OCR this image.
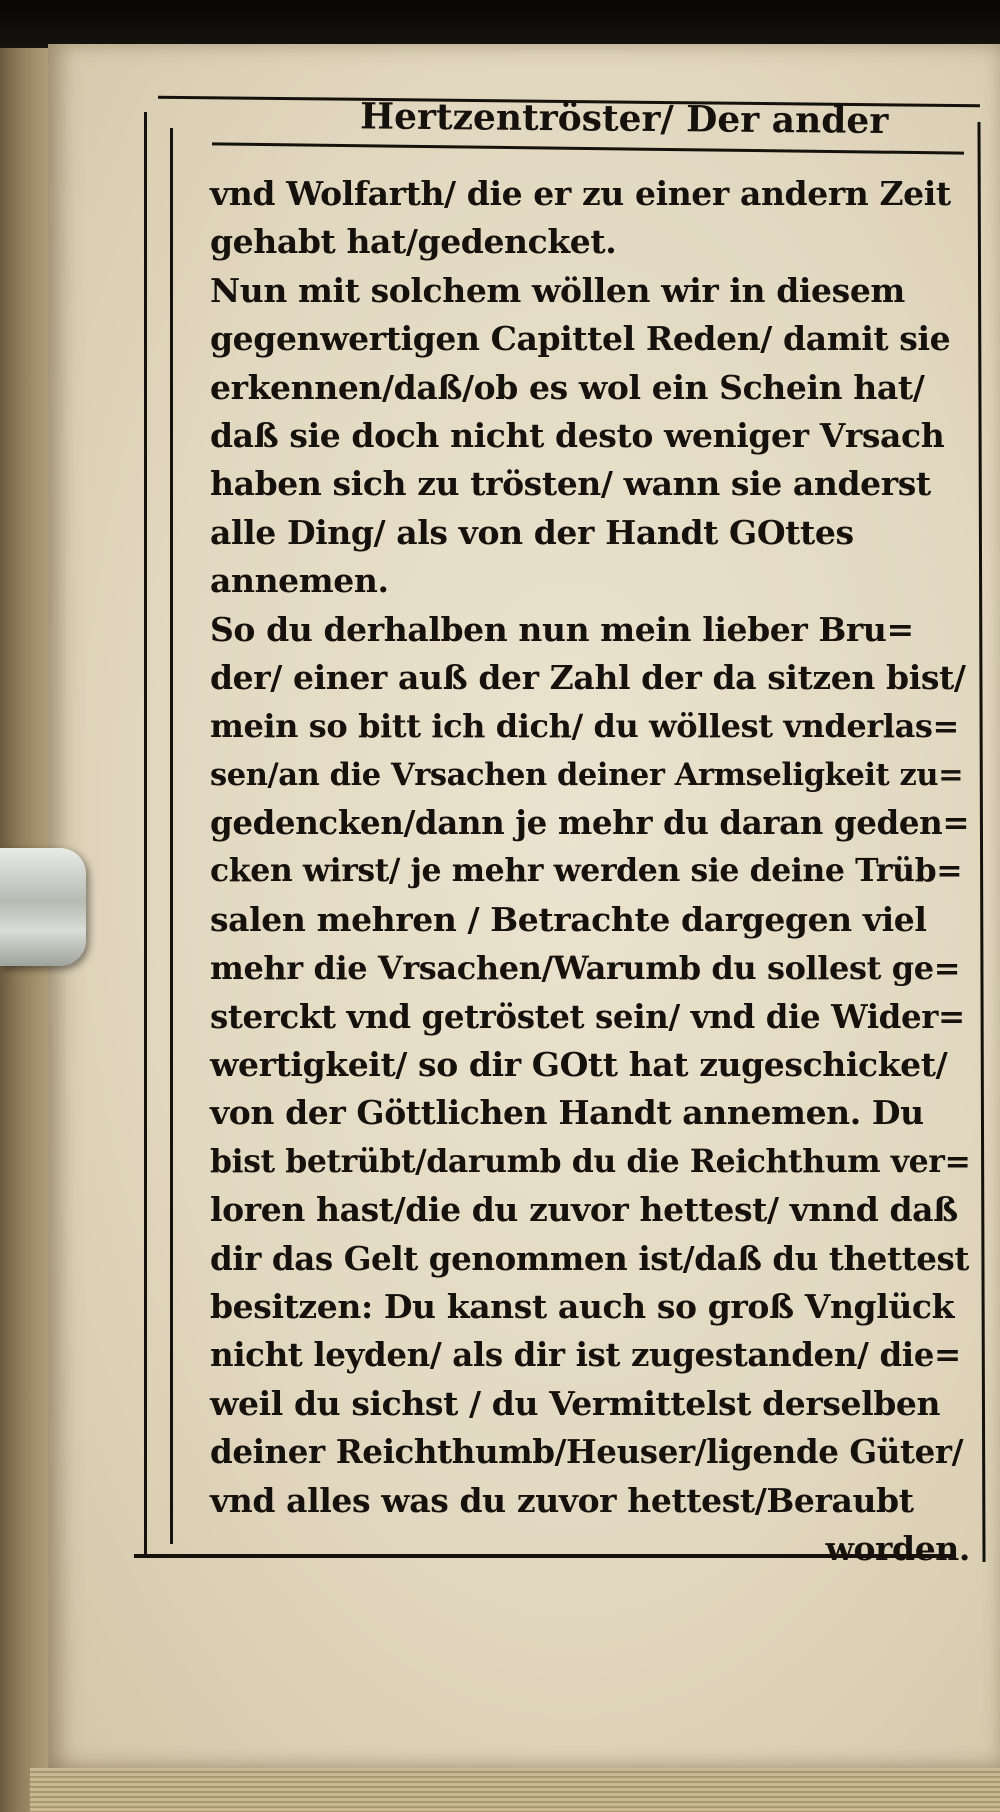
Hertzentröster/ Der ander
vnd Wolfarth/ die er zu einer andern Zeit
gehabt hat/gedencket.
Nun mit solchem wöllen wir in diesem
gegenwertigen Capittel Reden/ damit sie
erkennen/daß/ob es wol ein Schein hat/
daß sie doch nicht desto weniger Vrsach
haben sich zu trösten/ wann sie anderst
alle Ding/ als von der Handt GOttes
annemen.
So du derhalben nun mein lieber Bru=
der/ einer auß der Zahl der da sitzen bist/
mein so bitt ich dich/ du wöllest vnderlas=
sen/an die Vrsachen deiner Armseligkeit zu=
gedencken/dann je mehr du daran geden=
cken wirst/ je mehr werden sie deine Trüb=
salen mehren / Betrachte dargegen viel
mehr die Vrsachen/Warumb du sollest ge=
sterckt vnd getröstet sein/ vnd die Wider=
wertigkeit/ so dir GOtt hat zugeschicket/
von der Göttlichen Handt annemen. Du
bist betrübt/darumb du die Reichthum ver=
loren hast/die du zuvor hettest/ vnnd daß
dir das Gelt genommen ist/daß du thettest
besitzen: Du kanst auch so groß Vnglück
nicht leyden/ als dir ist zugestanden/ die=
weil du sichst / du Vermittelst derselben
deiner Reichthumb/Heuser/ligende Güter/
vnd alles was du zuvor hettest/Beraubt
worden.
